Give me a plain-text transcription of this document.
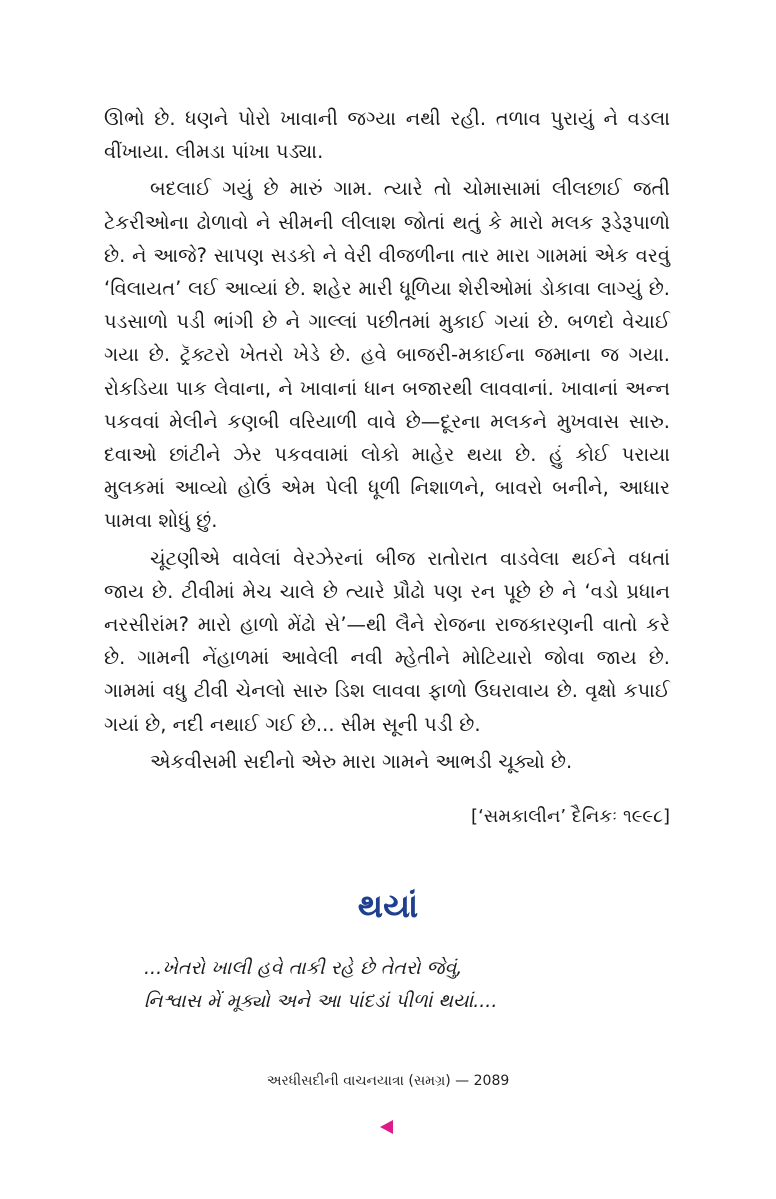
ઊભો છે. ધણને પોરો ખાવાની જગ્યા નથી રહી. તળાવ પુરાયું ને વડલા વીંખાયા. લીમડા પાંખા પડ્યા.

બદલાઈ ગયું છે મારું ગામ. ત્યારે તો ચોમાસામાં લીલછાઈ જતી ટેકરીઓના ઢોળાવો ને સીમની લીલાશ જોતાં થતું કે મારો મલક રૂડેરૂપાળો છે. ને આજે? સાપણ સડકો ને વેરી વીજળીના તાર મારા ગામમાં એક વરવું ‘વિલાયત’ લઈ આવ્યાં છે. શહેર મારી ધૂળિયા શેરીઓમાં ડોકાવા લાગ્યું છે. પડસાળો પડી ભાંગી છે ને ગાલ્લાં પછીતમાં મુકાઈ ગયાં છે. બળદો વેચાઈ ગયા છે. ટ્રૅક્ટરો ખેતરો ખેડે છે. હવે બાજરી-મકાઈના જમાના જ ગયા. રોકડિયા પાક લેવાના, ને ખાવાનાં ધાન બજારથી લાવવાનાં. ખાવાનાં અન્ન પકવવાં મેલીને કણબી વરિયાળી વાવે છે—દૂરના મલકને મુખવાસ સારુ. દવાઓ છાંટીને ઝેર પકવવામાં લોકો માહેર થયા છે. હું કોઈ પરાયા મુલકમાં આવ્યો હોઉં એમ પેલી ધૂળી નિશાળને, બાવરો બનીને, આધાર પામવા શોધું છું.

ચૂંટણીએ વાવેલાં વેરઝેરનાં બીજ રાતોરાત વાડવેલા થઈને વધતાં જાય છે. ટીવીમાં મેચ ચાલે છે ત્યારે પ્રૌઢો પણ રન પૂછે છે ને ‘વડો પ્રધાન નરસીરાંમ? મારો હાળો મેંઢો સે’—થી લૈને રોજના રાજકારણની વાતો કરે છે. ગામની નેંહાળમાં આવેલી નવી મ્હેતીને મોટિયારો જોવા જાય છે. ગામમાં વધુ ટીવી ચેનલો સારુ ડિશ લાવવા ફાળો ઉઘરાવાય છે. વૃક્ષો કપાઈ ગયાં છે, નદી નથાઈ ગઈ છે... સીમ સૂની પડી છે.

એકવીસમી સદીનો એરુ મારા ગામને આભડી ચૂક્યો છે.

[‘સમકાલીન’ દૈનિકઃ ૧૯૯૮]
થયાં
...ખેતરો ખાલી હવે તાકી રહે છે તેતરો જેવું,
નિશ્વાસ મેં મૂક્યો અને આ પાંદડાં પીળાં થયાં....
અરધીસદીની વાચનયાત્રા (સમગ્ર) — 2089
